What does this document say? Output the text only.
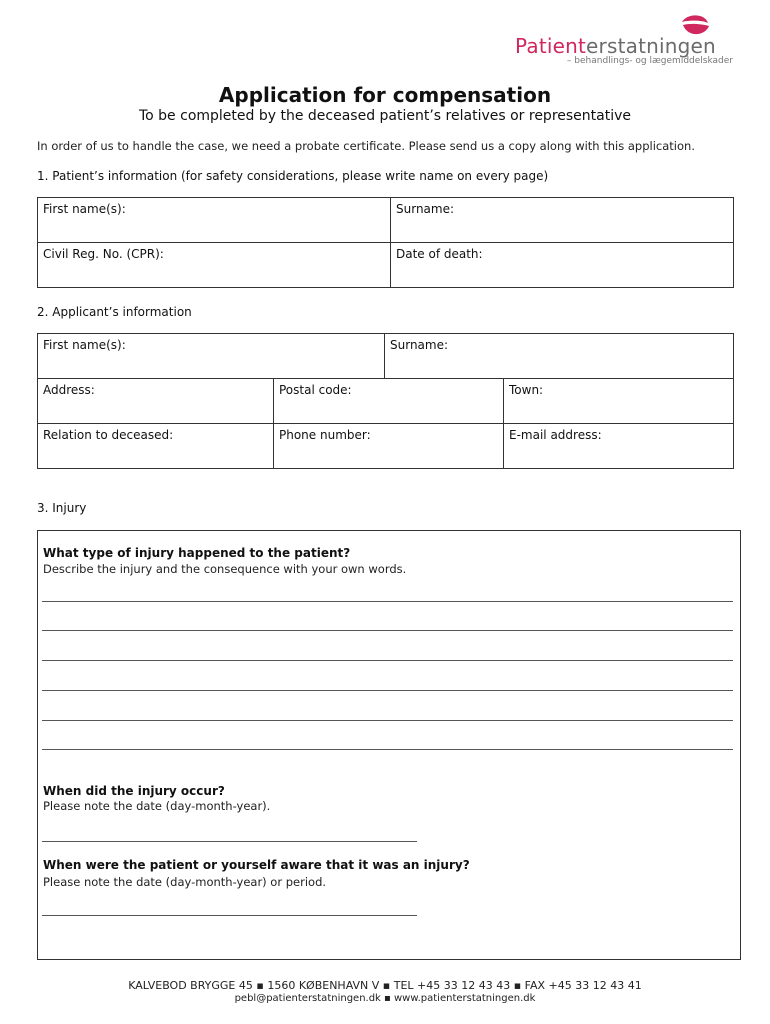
Patienterstatningen
– behandlings- og lægemiddelskader
Application for compensation
To be completed by the deceased patient’s relatives or representative
In order of us to handle the case, we need a probate certificate. Please send us a copy along with this application.
1. Patient’s information (for safety considerations, please write name on every page)
First name(s):	Surname:

Civil Reg. No. (CPR):	Date of death:
2. Applicant’s information
First name(s):	Surname:
Address:	Postal code:	Town:

Relation to deceased:	Phone number:	E-mail address:
3. Injury
What type of injury happened to the patient?
Describe the injury and the consequence with your own words.
When did the injury occur?
Please note the date (day-month-year).
When were the patient or yourself aware that it was an injury?
Please note the date (day-month-year) or period.
KALVEBOD BRYGGE 45 ▪ 1560 KØBENHAVN V ▪ TEL +45 33 12 43 43 ▪ FAX +45 33 12 43 41
pebl@patienterstatningen.dk ▪ www.patienterstatningen.dk
